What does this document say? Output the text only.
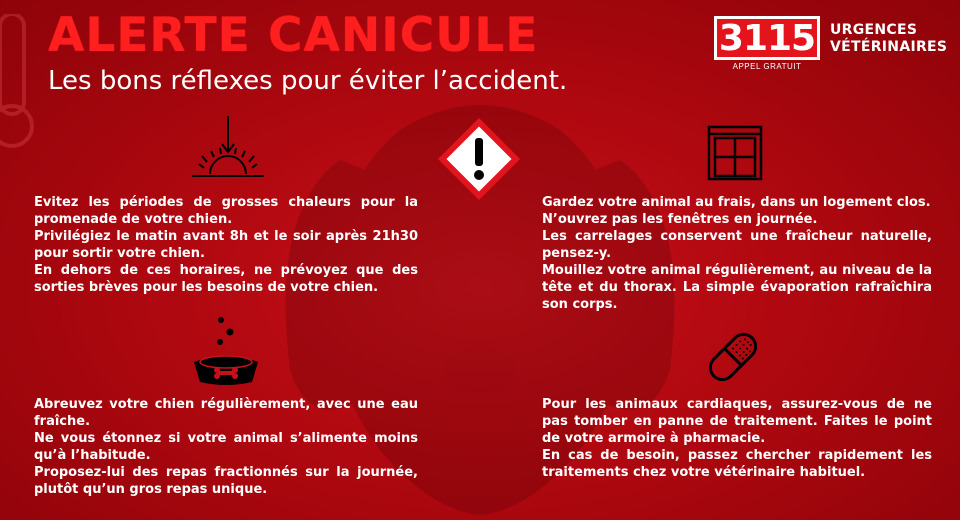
ALERTE CANICULE
Les bons réflexes pour éviter l’accident.
3115
APPEL GRATUIT
URGENCES
VÉTÉRINAIRES

Evitez les périodes de grosses chaleurs pour la promenade de votre chien.

Privilégiez le matin avant 8h et le soir après 21h30 pour sortir votre chien.

En dehors de ces horaires, ne prévoyez que des sorties brèves pour les besoins de votre chien.

Gardez votre animal au frais, dans un logement clos.

N’ouvrez pas les fenêtres en journée.

Les carrelages conservent une fraîcheur naturelle, pensez-y.

Mouillez votre animal régulièrement, au niveau de la tête et du thorax. La simple évaporation rafraîchira son corps.

Abreuvez votre chien régulièrement, avec une eau fraîche.

Ne vous étonnez si votre animal s’alimente moins qu’à l’habitude.

Proposez-lui des repas fractionnés sur la journée, plutôt qu’un gros repas unique.

Pour les animaux cardiaques, assurez-vous de ne pas tomber en panne de traitement. Faites le point de votre armoire à pharmacie.

En cas de besoin, passez chercher rapidement les traitements chez votre vétérinaire habituel.
